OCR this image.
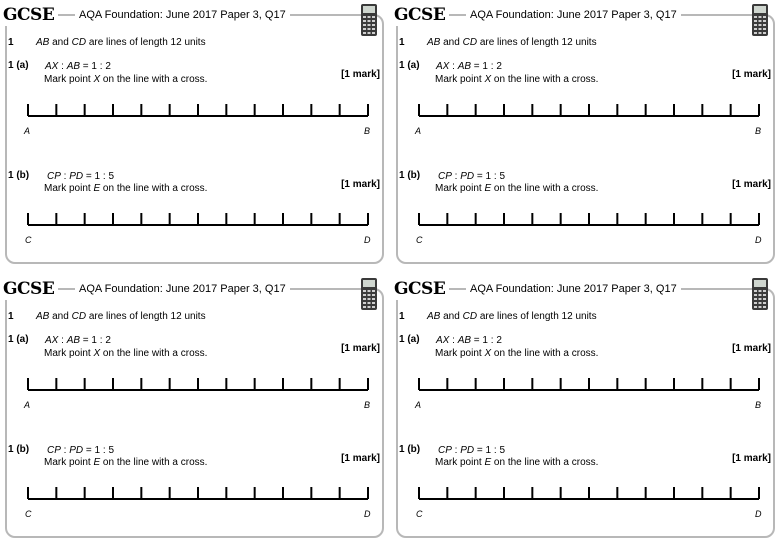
GCSE	AQA Foundation: June 2017 Paper 3, Q17
1 AB and CD are lines of length 12 units
1 (a) AX : AB = 1 : 2
Mark point X on the line with a cross.	[1 mark]
A	B
1 (b) CP : PD = 1 : 5
Mark point E on the line with a cross.	[1 mark]
C	D
GCSE	AQA Foundation: June 2017 Paper 3, Q17
1 AB and CD are lines of length 12 units
1 (a) AX : AB = 1 : 2
Mark point X on the line with a cross.	[1 mark]
A	B
1 (b) CP : PD = 1 : 5
Mark point E on the line with a cross.	[1 mark]
C	D
GCSE	AQA Foundation: June 2017 Paper 3, Q17
1 AB and CD are lines of length 12 units
1 (a) AX : AB = 1 : 2
Mark point X on the line with a cross.	[1 mark]
A	B
1 (b) CP : PD = 1 : 5
Mark point E on the line with a cross.	[1 mark]
C	D
GCSE	AQA Foundation: June 2017 Paper 3, Q17
1 AB and CD are lines of length 12 units
1 (a) AX : AB = 1 : 2
Mark point X on the line with a cross.	[1 mark]
A	B
1 (b) CP : PD = 1 : 5
Mark point E on the line with a cross.	[1 mark]
C	D
